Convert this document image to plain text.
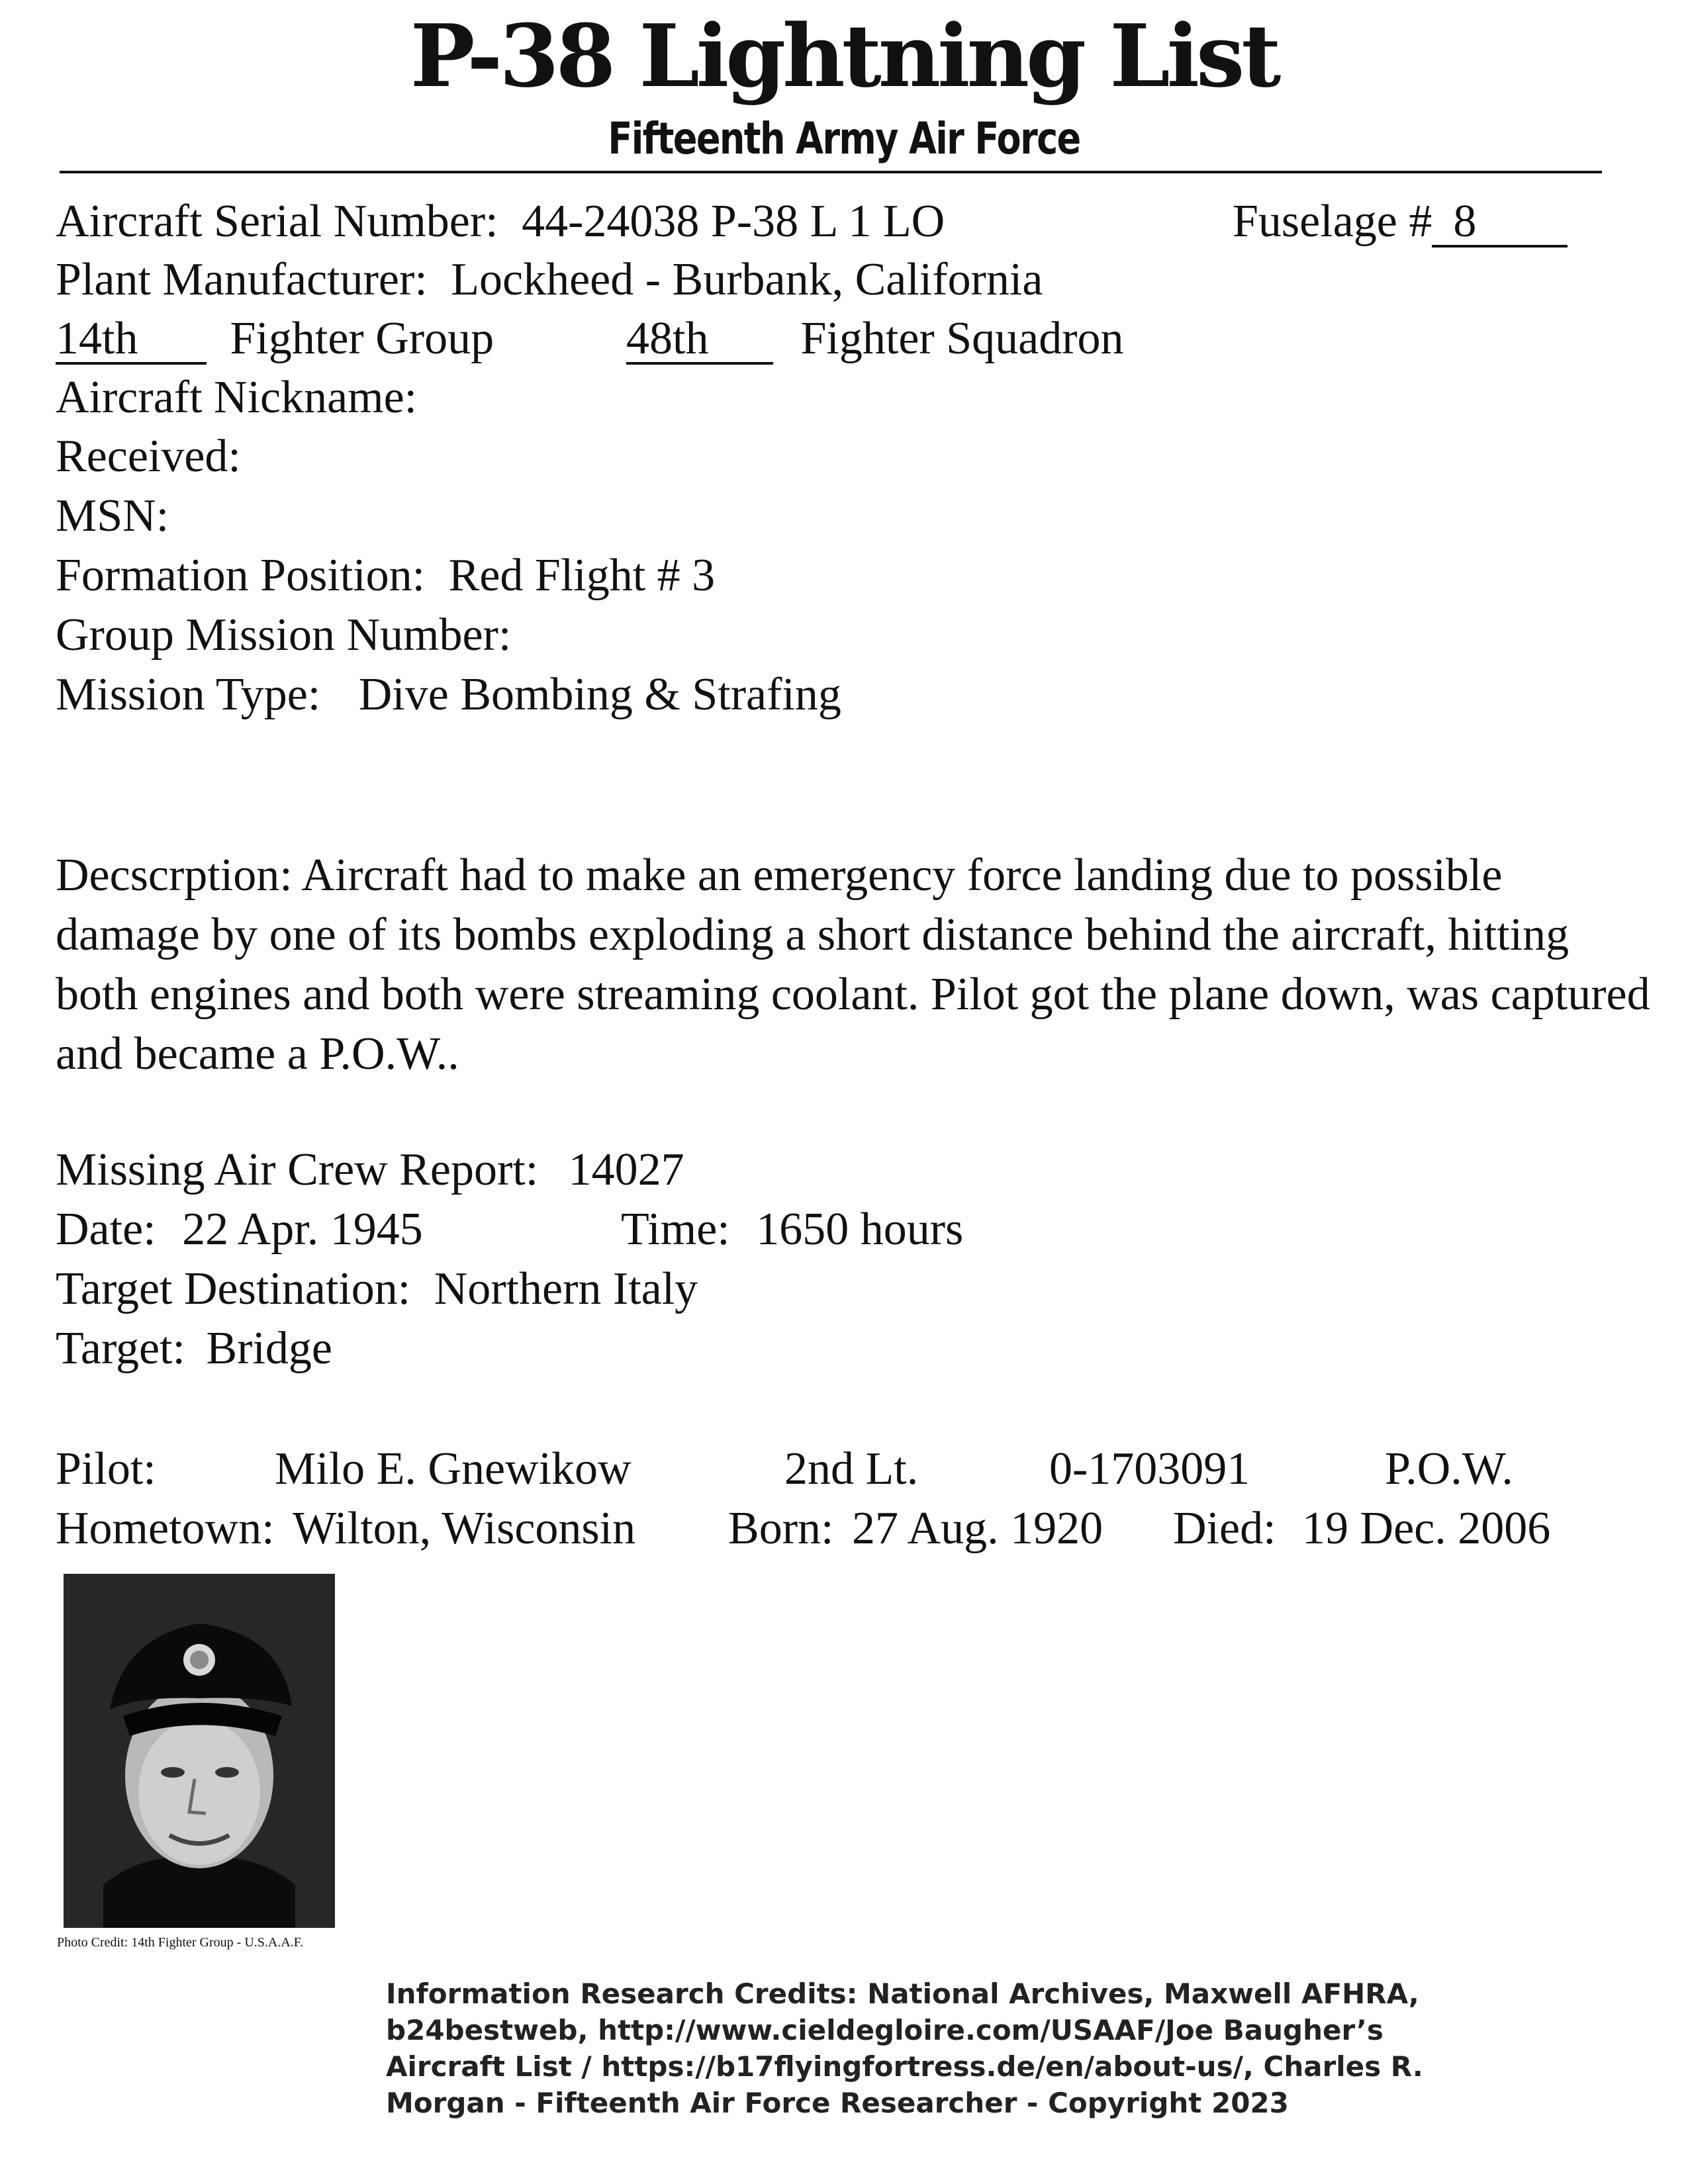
P-38 Lightning List
Fifteenth Army Air Force
Aircraft Serial Number: 44-24038 P-38 L 1 LO	Fuselage # 8
Plant Manufacturer: Lockheed - Burbank, California
14th Fighter Group	48th Fighter Squadron
Aircraft Nickname:
Received:
MSN:
Formation Position: Red Flight # 3
Group Mission Number:
Mission Type: Dive Bombing & Strafing
Decscrption: Aircraft had to make an emergency force landing due to possible damage by one of its bombs exploding a short distance behind the aircraft, hitting both engines and both were streaming coolant. Pilot got the plane down, was captured and became a P.O.W..
Missing Air Crew Report: 14027
Date: 22 Apr. 1945	Time: 1650 hours
Target Destination: Northern Italy
Target: Bridge
Pilot:	Milo E. Gnewikow	2nd Lt.	0-1703091	P.O.W.
Hometown: Wilton, Wisconsin Born: 27 Aug. 1920 Died: 19 Dec. 2006
Photo Credit: 14th Fighter Group - U.S.A.A.F.
Information Research Credits: National Archives, Maxwell AFHRA,
b24bestweb, http://www.cieldegloire.com/USAAF/Joe Baugher’s
Aircraft List / https://b17flyingfortress.de/en/about-us/, Charles R.
Morgan - Fifteenth Air Force Researcher - Copyright 2023
